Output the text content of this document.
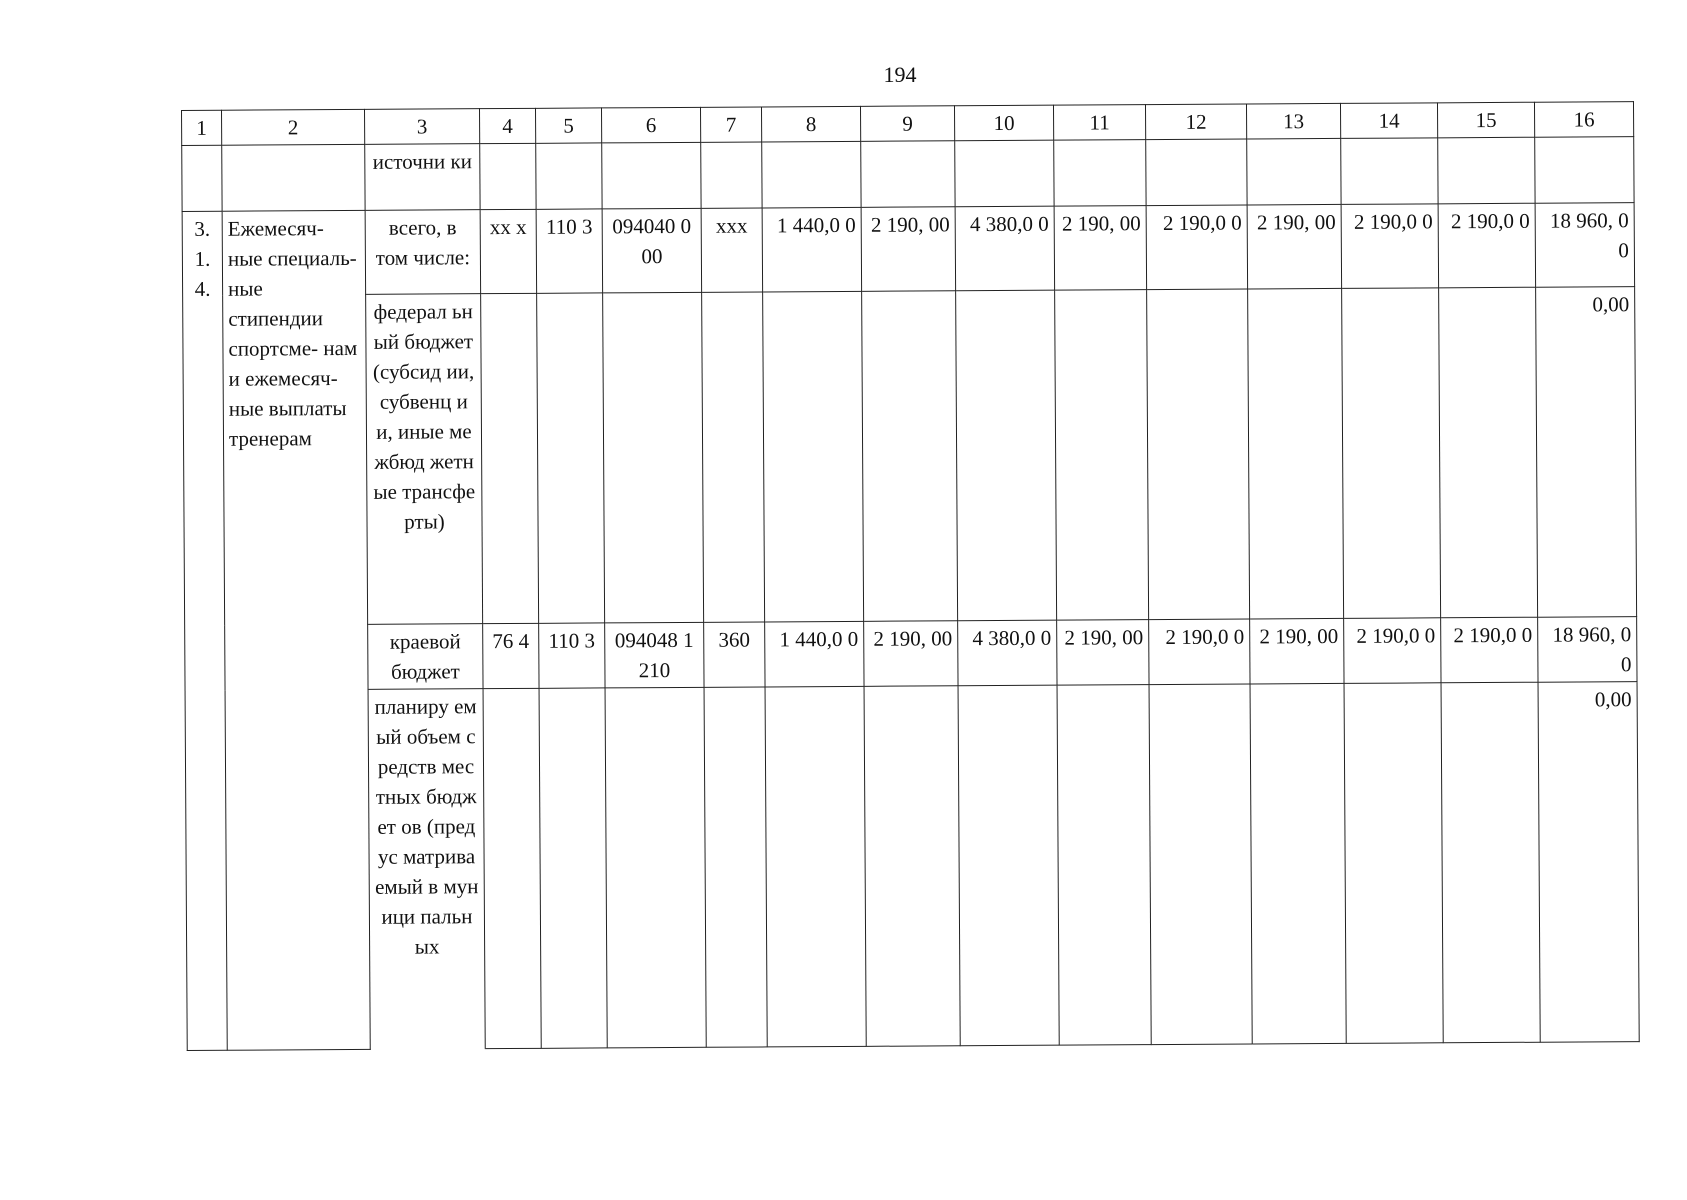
194
1	2	3	4	5	6	7	8	9	10	11	12	13	14	15	16
		источни ки													
3. 1. 4.	Ежемесяч- ные специаль- ные стипендии спортсме- нам и ежемесяч- ные выплаты тренерам	всего, в том числе:	xx x	110 3	094040 000	xxx	1 440,0 0	2 190, 00	4 380,0 0	2 190, 00	2 190,0 0	2 190, 00	2 190,0 0	2 190,0 0	18 960, 00
		федерал ьный бюджет (субсид ии, субвенц ии, иные межбюд жетные трансфе рты)													0,00
		краевой бюджет	76 4	110 3	094048 1210	360	1 440,0 0	2 190, 00	4 380,0 0	2 190, 00	2 190,0 0	2 190, 00	2 190,0 0	2 190,0 0	18 960, 00
		планиру емый объем средств местных бюджет ов (предус матрива емый в муници пальных													0,00
